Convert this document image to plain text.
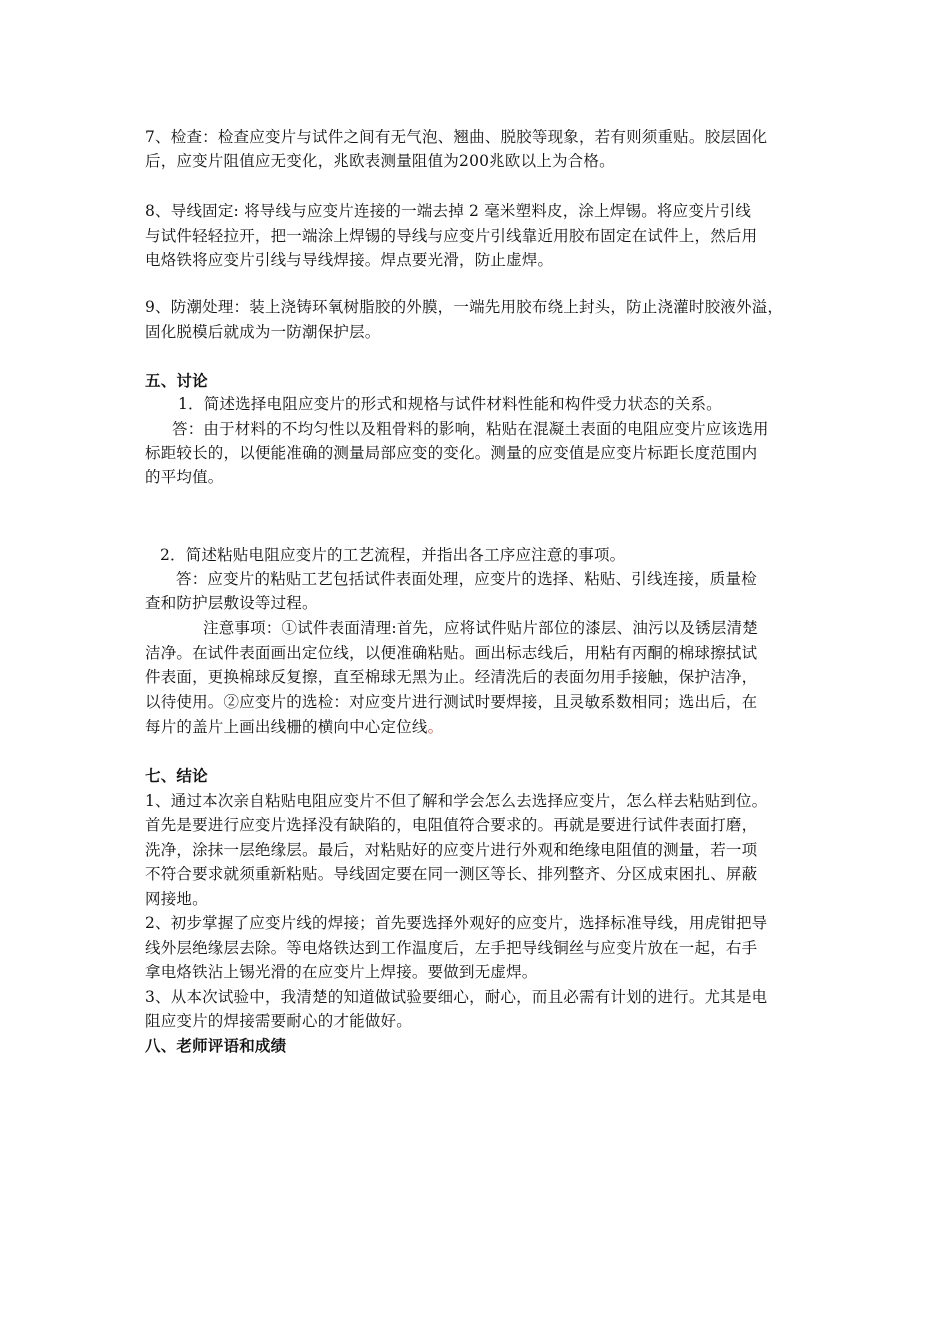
7、检查：检查应变片与试件之间有无气泡、翘曲、脱胶等现象，若有则须重贴。胶层固化
后，应变片阻值应无变化，兆欧表测量阻值为200兆欧以上为合格。
8、导线固定: 将导线与应变片连接的一端去掉 2 毫米塑料皮，涂上焊锡。将应变片引线
与试件轻轻拉开，把一端涂上焊锡的导线与应变片引线靠近用胶布固定在试件上，然后用
电烙铁将应变片引线与导线焊接。焊点要光滑，防止虚焊。
9、防潮处理：装上浇铸环氧树脂胶的外膜，一端先用胶布绕上封头，防止浇灌时胶液外溢，
固化脱模后就成为一防潮保护层。
五、讨论
1．简述选择电阻应变片的形式和规格与试件材料性能和构件受力状态的关系。
答：由于材料的不均匀性以及粗骨料的影响，粘贴在混凝土表面的电阻应变片应该选用
标距较长的，以便能准确的测量局部应变的变化。测量的应变值是应变片标距长度范围内
的平均值。
2．简述粘贴电阻应变片的工艺流程，并指出各工序应注意的事项。
答：应变片的粘贴工艺包括试件表面处理，应变片的选择、粘贴、引线连接，质量检
查和防护层敷设等过程。
注意事项：①试件表面清理:首先，应将试件贴片部位的漆层、油污以及锈层清楚
洁净。在试件表面画出定位线，以便准确粘贴。画出标志线后，用粘有丙酮的棉球擦拭试
件表面，更换棉球反复擦，直至棉球无黑为止。经清洗后的表面勿用手接触，保护洁净，
以待使用。②应变片的选检：对应变片进行测试时要焊接，且灵敏系数相同；选出后，在
每片的盖片上画出线栅的横向中心定位线。
七、结论
1、通过本次亲自粘贴电阻应变片不但了解和学会怎么去选择应变片，怎么样去粘贴到位。
首先是要进行应变片选择没有缺陷的，电阻值符合要求的。再就是要进行试件表面打磨，
洗净，涂抹一层绝缘层。最后，对粘贴好的应变片进行外观和绝缘电阻值的测量，若一项
不符合要求就须重新粘贴。导线固定要在同一测区等长、排列整齐、分区成束困扎、屏蔽
网接地。
2、初步掌握了应变片线的焊接；首先要选择外观好的应变片，选择标准导线，用虎钳把导
线外层绝缘层去除。等电烙铁达到工作温度后，左手把导线铜丝与应变片放在一起，右手
拿电烙铁沾上锡光滑的在应变片上焊接。要做到无虚焊。
3、从本次试验中，我清楚的知道做试验要细心，耐心，而且必需有计划的进行。尤其是电
阻应变片的焊接需要耐心的才能做好。
八、老师评语和成绩
